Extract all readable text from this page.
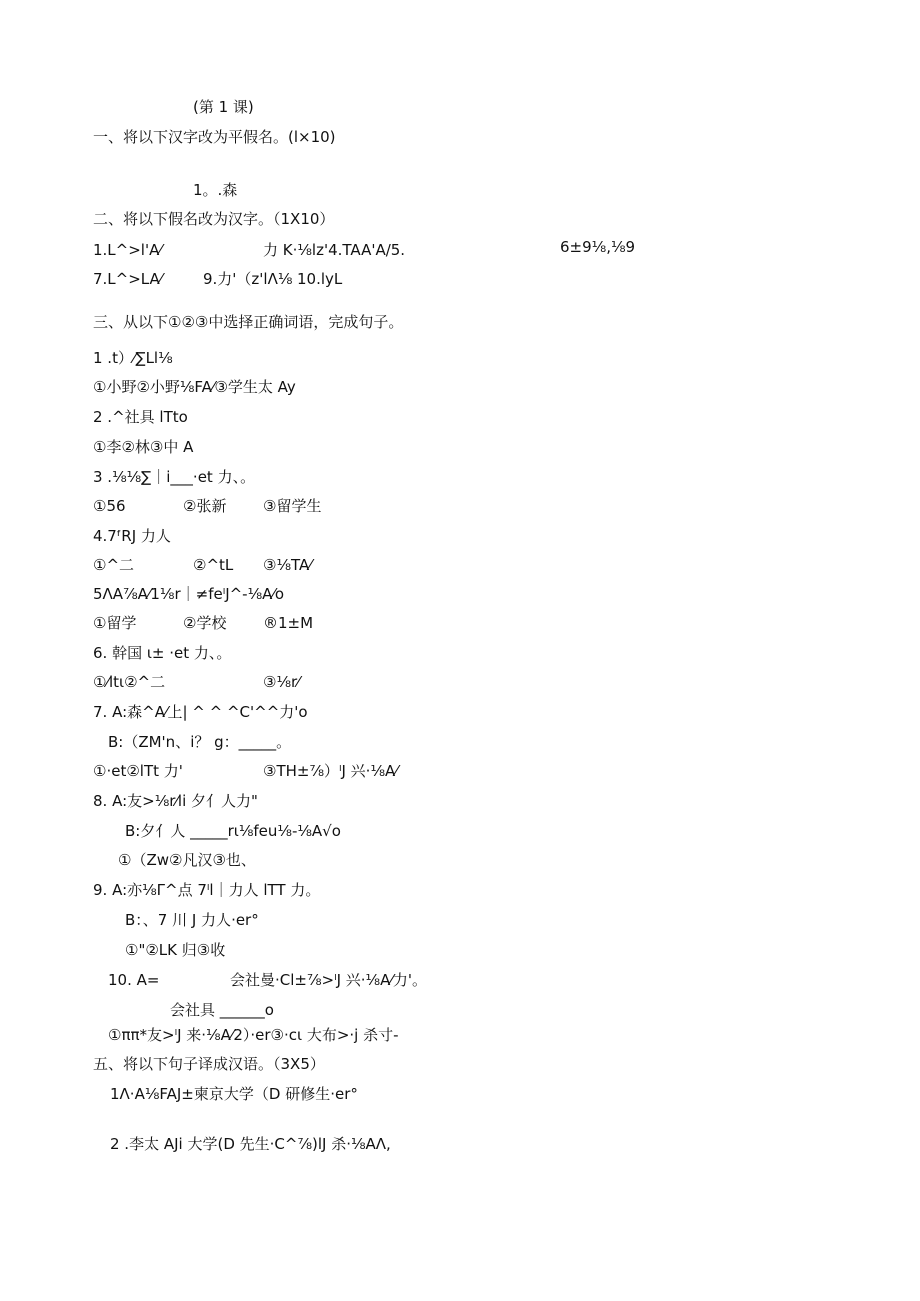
(第 1 课)
一、将以下汉字改为平假名。(l×10)
1。.森
二、将以下假名改为汉字。（1X10）
1.L^>l'A⁄	力 K·⅛lz'4.TAA'A/5.	6±9⅛,⅛9
7.L^>LA⁄	9.力'（z'lΛ⅛ 10.lyL
三、从以下①②③中选择正确词语，完成句子。
1 .t）⁄∑Ll⅛
①小野②小野⅛FA⁄③学生太 Ay
2 .^社具 lTto
①李②林③中 A
3 .⅛⅛∑｜i___·et 力、。
①56	②张新 ③留学生
4.7ᶠRJ 力人
①^二	②^tL ③⅛TA⁄
5ΛA⅞A⁄1⅛r｜≠feˡJ^-⅛A⁄o
①留学	②学校 ®1±M
6. 幹国 ι± ·et 力、。
①⁄ltι②^二	③⅛r⁄
7. A:森^A⁄上| ^ ^ ^C'^^力'o
B:（ZM'n、i？ g：_____。
①·et②lTt 力'	③TH±⅞）ˡJ 兴·⅛A⁄
8. A:友>⅛r⁄li 夕亻人力"
B:夕亻人 _____rι⅛feu⅛-⅛A√o
①（Zw②凡汉③也、
9. A:亦⅛Γ^点 7ˡl｜力人 lTT 力。
B：、7 川 J 力人·er°
①"②LK 归③收
10. A=	会社曼·Cl±⅞>ˡJ 兴·⅛A⁄力'。
会社具 ______o
①ππ*友>ˡJ 来·⅛A⁄2）·er③·cι 大布>·j 杀寸-
五、将以下句子译成汉语。（3X5）
1Λ·A⅛FAJ±柬京大学（D 研修生·er°
2 .李太 AJi 大学(D 先生·C^⅞)lJ 杀·⅛AΛ,
